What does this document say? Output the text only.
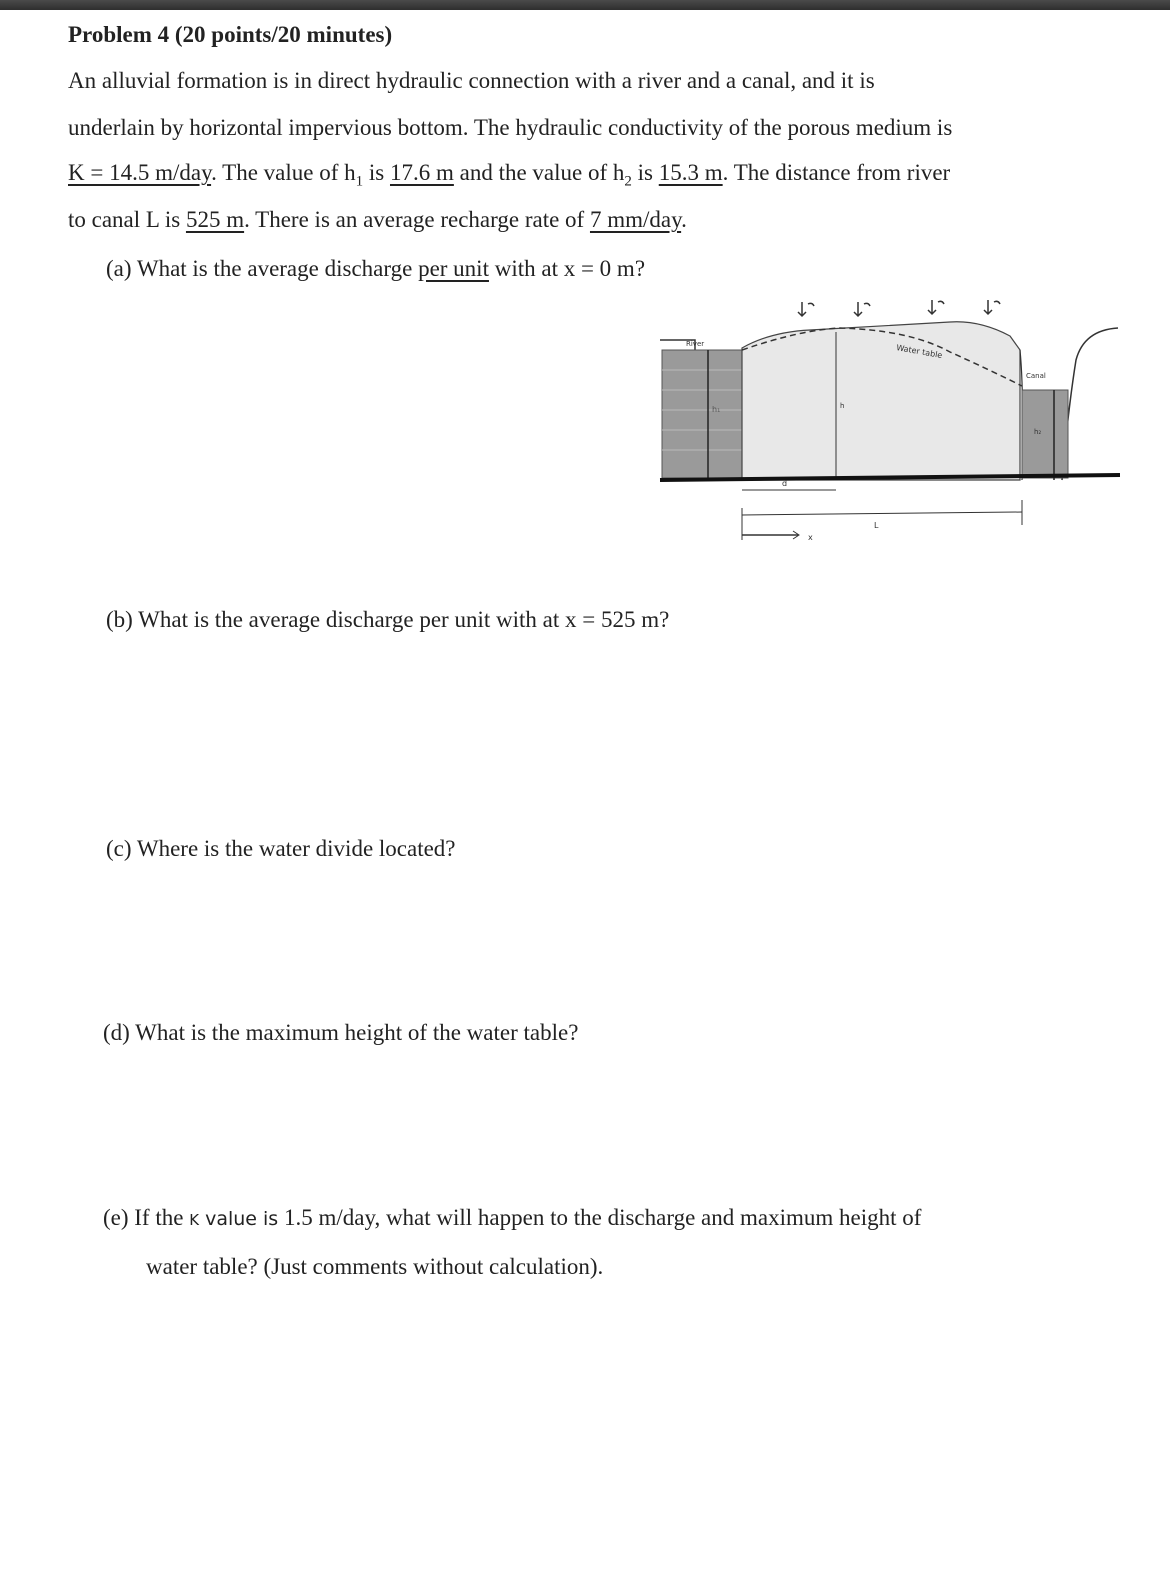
Problem 4 (20 points/20 minutes)
An alluvial formation is in direct hydraulic connection with a river and a canal, and it is
underlain by horizontal impervious bottom. The hydraulic conductivity of the porous medium is
K = 14.5 m/day. The value of $h_1$ is 17.6 m and the value of $h_2$ is 15.3 m. The distance from river
to canal L is 525 m. There is an average recharge rate of 7 mm/day.
(a) What is the average discharge per unit with at x = 0 m?
River
h₁
Water table
h
Canal
h₂
d
x
L
(b) What is the average discharge per unit with at x = 525 m?
(c) Where is the water divide located?
(d) What is the maximum height of the water table?
(e) If the K value is 1.5 m/day, what will happen to the discharge and maximum height of
water table? (Just comments without calculation).
